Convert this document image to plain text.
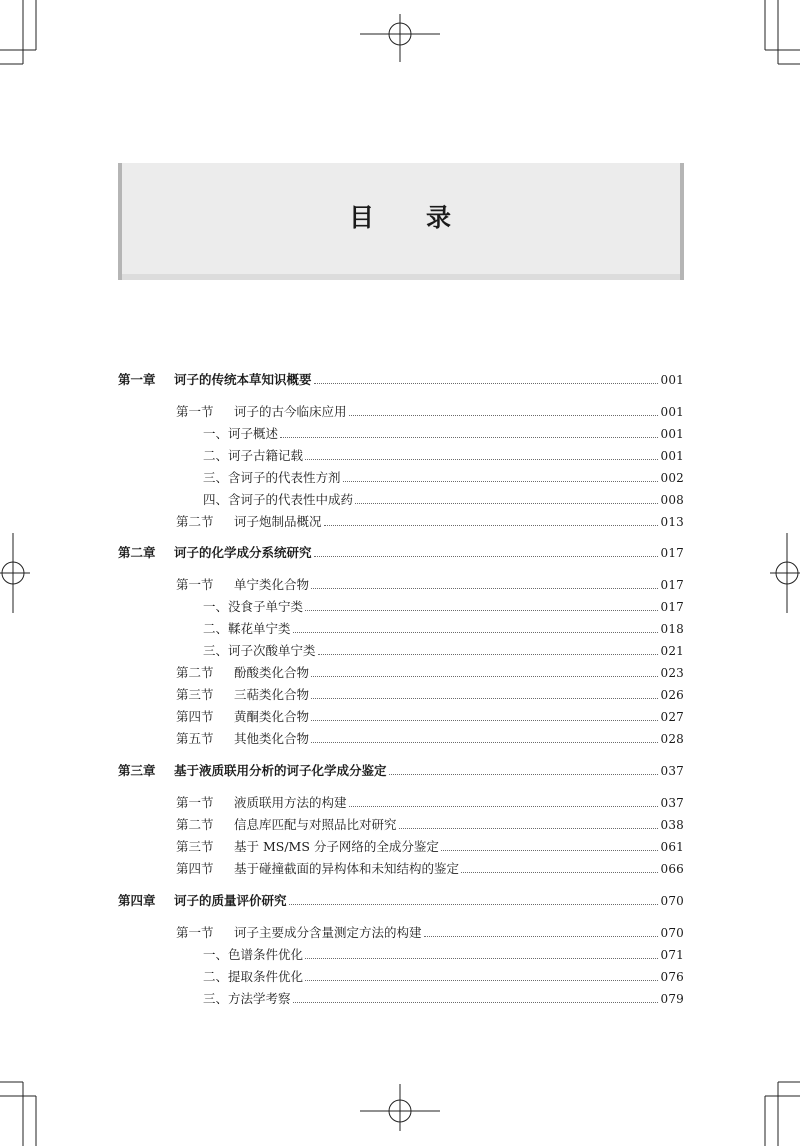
目录
第一章 诃子的传统本草知识概要	001
第一节 诃子的古今临床应用	001
一、诃子概述	001
二、诃子古籍记载	001
三、含诃子的代表性方剂	002
四、含诃子的代表性中成药	008
第二节 诃子炮制品概况	013
第二章 诃子的化学成分系统研究	017
第一节 单宁类化合物	017
一、没食子单宁类	017
二、鞣花单宁类	018
三、诃子次酸单宁类	021
第二节 酚酸类化合物	023
第三节 三萜类化合物	026
第四节 黄酮类化合物	027
第五节 其他类化合物	028
第三章 基于液质联用分析的诃子化学成分鉴定	037
第一节 液质联用方法的构建	037
第二节 信息库匹配与对照品比对研究	038
第三节 基于 MS/MS 分子网络的全成分鉴定	061
第四节 基于碰撞截面的异构体和未知结构的鉴定	066
第四章 诃子的质量评价研究	070
第一节 诃子主要成分含量测定方法的构建	070
一、色谱条件优化	071
二、提取条件优化	076
三、方法学考察	079
